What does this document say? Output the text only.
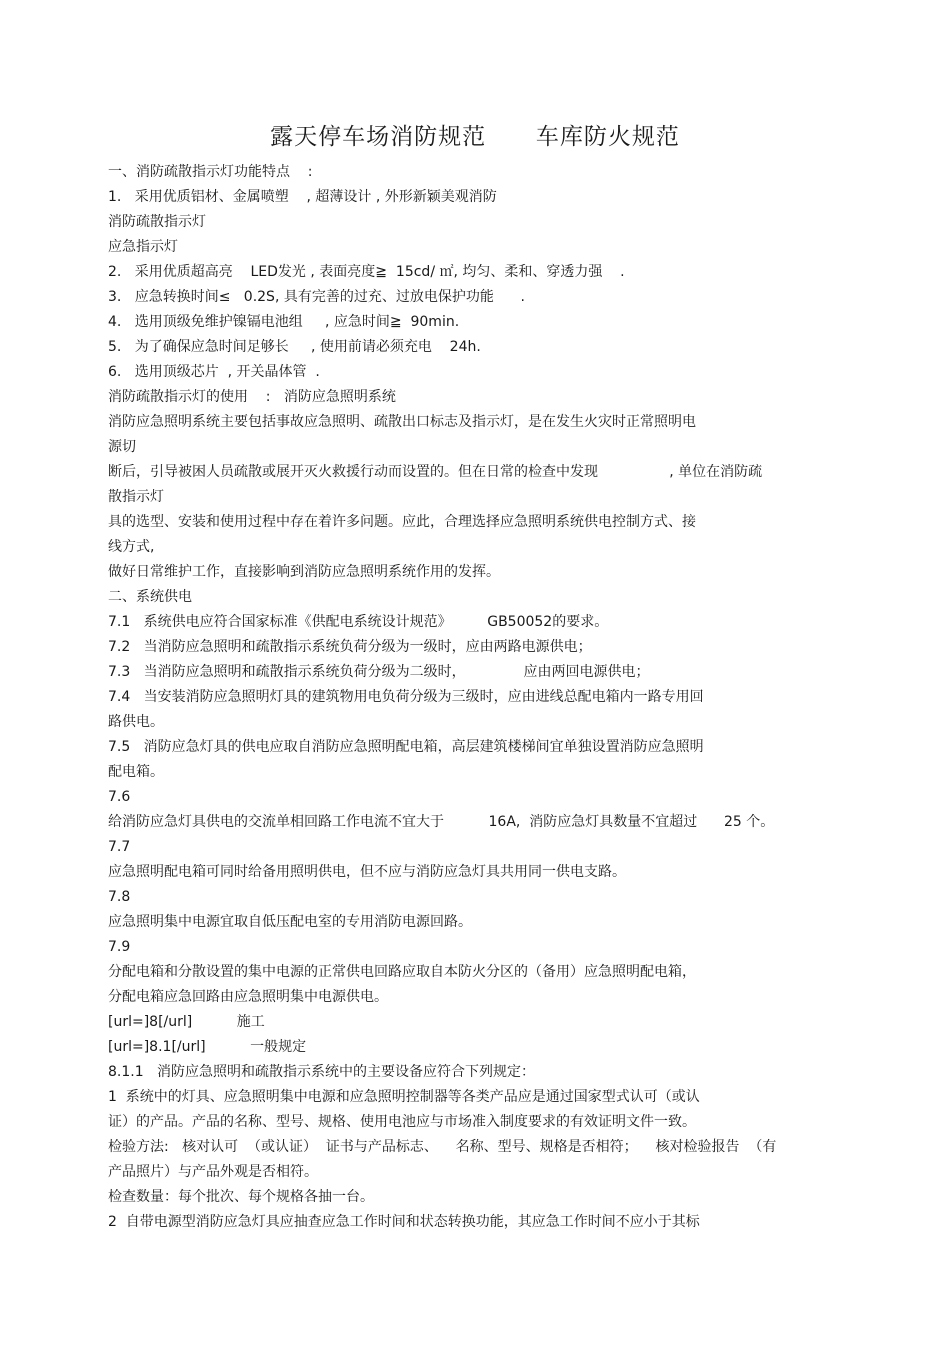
露天停车场消防规范      车库防火规范
一、消防疏散指示灯功能特点    :
1.   采用优质铝材、金属喷塑    , 超薄设计 , 外形新颖美观消防
消防疏散指示灯
应急指示灯
2.   采用优质超高亮    LED发光 , 表面亮度≧  15cd/ ㎡, 均匀、柔和、穿透力强    .
3.   应急转换时间≤   0.2S, 具有完善的过充、过放电保护功能      .
4.   选用顶级免维护镍镉电池组     , 应急时间≧  90min.
5.   为了确保应急时间足够长     , 使用前请必须充电    24h.
6.   选用顶级芯片  , 开关晶体管  .
消防疏散指示灯的使用    :   消防应急照明系统
消防应急照明系统主要包括事故应急照明、疏散出口标志及指示灯，是在发生火灾时正常照明电
源切
断后，引导被困人员疏散或展开灭火救援行动而设置的。但在日常的检查中发现                , 单位在消防疏
散指示灯
具的选型、安装和使用过程中存在着许多问题。应此，合理选择应急照明系统供电控制方式、接
线方式,
做好日常维护工作，直接影响到消防应急照明系统作用的发挥。
二、系统供电
7.1   系统供电应符合国家标准《供配电系统设计规范》        GB50052的要求。
7.2   当消防应急照明和疏散指示系统负荷分级为一级时，应由两路电源供电；
7.3   当消防应急照明和疏散指示系统负荷分级为二级时，             应由两回电源供电；
7.4   当安装消防应急照明灯具的建筑物用电负荷分级为三级时，应由进线总配电箱内一路专用回
路供电。
7.5   消防应急灯具的供电应取自消防应急照明配电箱，高层建筑楼梯间宜单独设置消防应急照明
配电箱。
7.6
给消防应急灯具供电的交流单相回路工作电流不宜大于          16A,  消防应急灯具数量不宜超过      25 个。
7.7
应急照明配电箱可同时给备用照明供电，但不应与消防应急灯具共用同一供电支路。
7.8
应急照明集中电源宜取自低压配电室的专用消防电源回路。
7.9
分配电箱和分散设置的集中电源的正常供电回路应取自本防火分区的（备用）应急照明配电箱，
分配电箱应急回路由应急照明集中电源供电。
[url=]8[/url]          施工
[url=]8.1[/url]          一般规定
8.1.1   消防应急照明和疏散指示系统中的主要设备应符合下列规定：
1  系统中的灯具、应急照明集中电源和应急照明控制器等各类产品应是通过国家型式认可（或认
证）的产品。产品的名称、型号、规格、使用电池应与市场准入制度要求的有效证明文件一致。
检验方法:   核对认可  （或认证）  证书与产品标志、    名称、型号、规格是否相符；    核对检验报告  （有
产品照片）与产品外观是否相符。
检查数量：每个批次、每个规格各抽一台。
2  自带电源型消防应急灯具应抽查应急工作时间和状态转换功能，其应急工作时间不应小于其标
